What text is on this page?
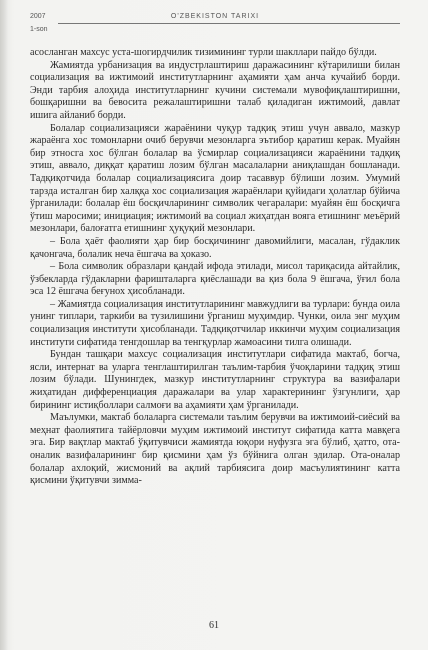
2007
1-son
O'ZBEKISTON TARIXI

асосланган махсус уста-шогирдчилик тизимининг турли шакллари пайдо бўлди.

Жамиятда урбанизация ва индустрлаштириш даражасининг кўтарилиши билан социализация ва ижтимоий институтларнинг аҳамияти ҳам анча кучайиб борди. Энди тарбия алоҳида институтларнинг кучини системали мувофиқлаштиришни, бошқаришни ва бевосита режалаштиришни талаб қиладиган ижтимоий, давлат ишига айланиб борди.

Болалар социализацияси жараёнини чуқур тадқиқ этиш учун аввало, мазкур жараёнга хос томонларни очиб берувчи мезонларга эътибор қаратиш керак. Муайян бир этносга хос бўлган болалар ва ўсмирлар социализацияси жараёнини тадқиқ этиш, аввало, диққат қаратиш лозим бўлган масалаларни аниқлашдан бошланади. Тадқиқотчида болалар социализациясига доир тасаввур бўлиши лозим. Умумий тарзда исталган бир халққа хос социализация жараёнлари қуйидаги ҳолатлар бўйича ўрганилади: болалар ёш босқичларининг символик чегаралари: муайян ёш босқичга ўтиш маросими; инициация; ижтимоий ва социал жиҳатдан вояга етишнинг меъёрий мезонлари, балоғатга етишнинг ҳуқуқий мезонлари.

– Бола ҳаёт фаолияти ҳар бир босқичининг давомийлиги, масалан, гўдаклик қачонгача, болалик неча ёшгача ва ҳоказо.

– Бола символик образлари қандай ифода этилади, мисол тариқасида айтайлик, ўзбекларда гўдакларни фаришталарга қиёслашади ва қиз бола 9 ёшгача, ўғил бола эса 12 ёшгача беғунох ҳисобланади.

– Жамиятда социализация институтларининг мавжудлиги ва турлари: бунда оила унинг типлари, таркиби ва тузилишини ўрганиш муҳимдир. Чунки, оила энг муҳим социализация институти ҳисобланади. Тадқиқотчилар иккинчи муҳим социализация институти сифатида тенгдошлар ва тенгқурлар жамоасини тилга олишади.

Бундан ташқари махсус социализация институтлари сифатида мактаб, богча, ясли, интернат ва уларга тенглаштирилган таълим-тарбия ўчоқларини тадқиқ этиш лозим бўлади. Шунингдек, мазкур институтларнинг структура ва вазифалари жиҳатидан дифференциация даражалари ва улар характерининг ўзгунлиги, ҳар бирининг истиқболлари салмоғи ва аҳамияти ҳам ўрганилади.

Маълумки, мактаб болаларга системали таълим берувчи ва ижтимоий-сиёсий ва меҳнат фаолиятига тайёрловчи муҳим ижтимоий институт сифатида катта мавқега эга. Бир вақтлар мактаб ўқитувчиси жамиятда юқори нуфузга эга бўлиб, ҳатто, ота-оналик вазифаларининг бир қисмини ҳам ўз бўйнига олган эдилар. Ота-оналар болалар ахлоқий, жисмоний ва ақлий тарбиясига доир масъулиятининг катта қисмини ўқитувчи зимма-

61
